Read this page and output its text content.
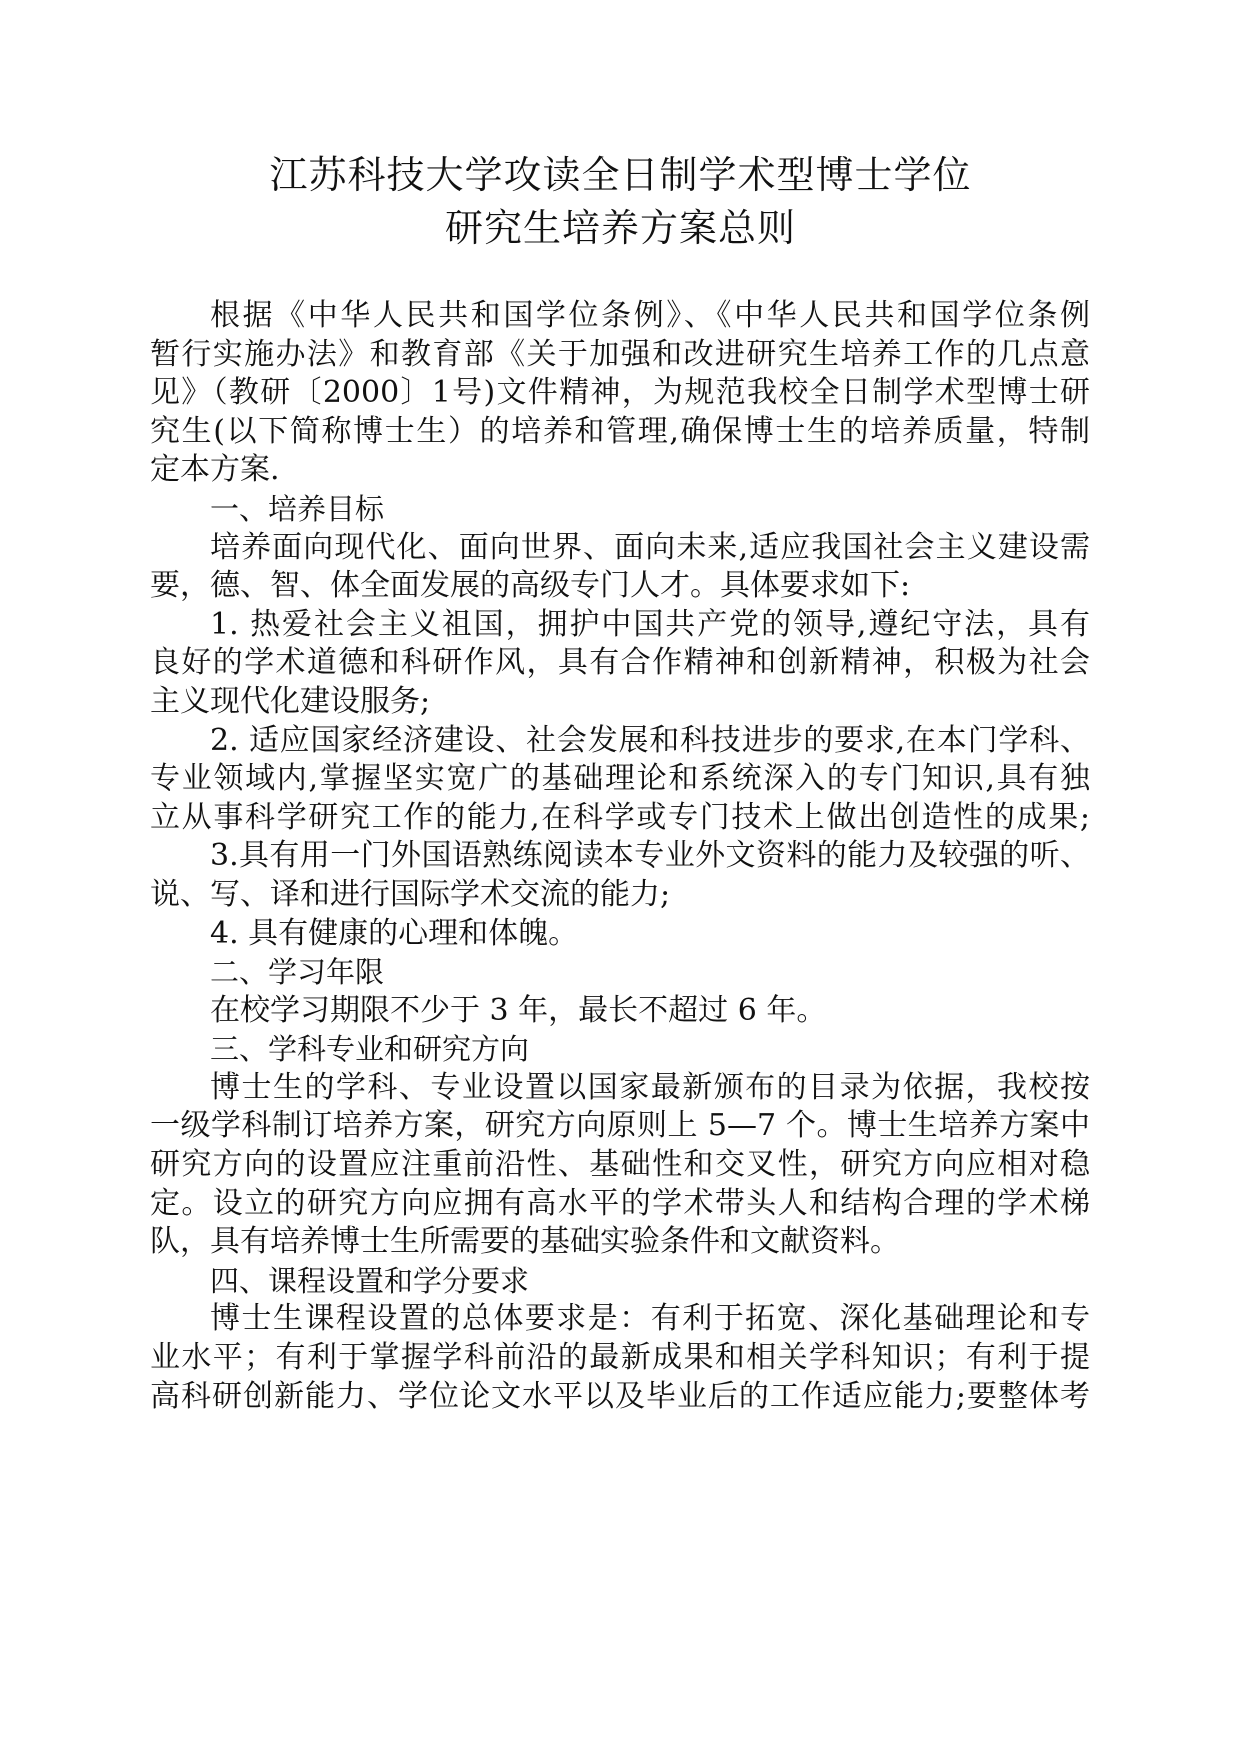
江苏科技大学攻读全日制学术型博士学位
研究生培养方案总则
根据《中华人民共和国学位条例》、《中华人民共和国学位条例
暂行实施办法》和教育部《关于加强和改进研究生培养工作的几点意
见》（教研〔2000〕1号)文件精神，为规范我校全日制学术型博士研
究生(以下简称博士生）的培养和管理,确保博士生的培养质量，特制
定本方案.
一、培养目标
培养面向现代化、面向世界、面向未来,适应我国社会主义建设需
要，德、智、体全面发展的高级专门人才。具体要求如下:
1. 热爱社会主义祖国，拥护中国共产党的领导,遵纪守法，具有
良好的学术道德和科研作风，具有合作精神和创新精神，积极为社会
主义现代化建设服务;
2. 适应国家经济建设、社会发展和科技进步的要求,在本门学科、
专业领域内,掌握坚实宽广的基础理论和系统深入的专门知识,具有独
立从事科学研究工作的能力,在科学或专门技术上做出创造性的成果;
3.具有用一门外国语熟练阅读本专业外文资料的能力及较强的听、
说、写、译和进行国际学术交流的能力;
4. 具有健康的心理和体魄。
二、学习年限
在校学习期限不少于 3 年，最长不超过 6 年。
三、学科专业和研究方向
博士生的学科、专业设置以国家最新颁布的目录为依据，我校按
一级学科制订培养方案，研究方向原则上 5—7 个。博士生培养方案中
研究方向的设置应注重前沿性、基础性和交叉性，研究方向应相对稳
定。设立的研究方向应拥有高水平的学术带头人和结构合理的学术梯
队，具有培养博士生所需要的基础实验条件和文献资料。
四、课程设置和学分要求
博士生课程设置的总体要求是：有利于拓宽、深化基础理论和专
业水平；有利于掌握学科前沿的最新成果和相关学科知识；有利于提
高科研创新能力、学位论文水平以及毕业后的工作适应能力;要整体考
